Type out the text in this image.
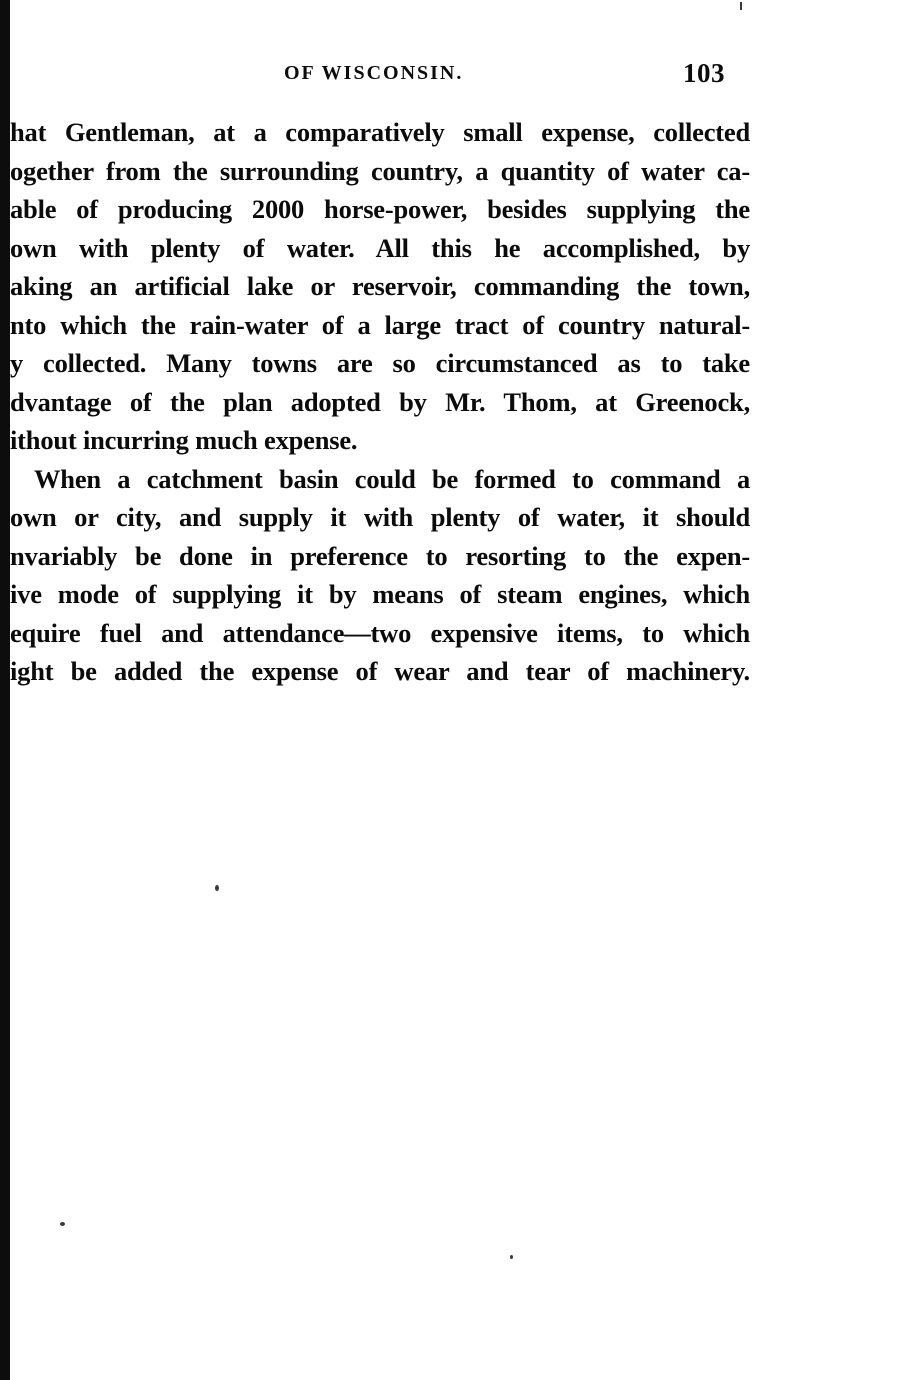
OF WISCONSIN.	103
hat Gentleman, at a comparatively small expense, collected
ogether from the surrounding country, a quantity of water ca-
able of producing 2000 horse-power, besides supplying the
own with plenty of water. All this he accomplished, by
aking an artificial lake or reservoir, commanding the town,
nto which the rain-water of a large tract of country natural-
y collected. Many towns are so circumstanced as to take
dvantage of the plan adopted by Mr. Thom, at Greenock,
ithout incurring much expense.
When a catchment basin could be formed to command a
own or city, and supply it with plenty of water, it should
nvariably be done in preference to resorting to the expen-
ive mode of supplying it by means of steam engines, which
equire fuel and attendance—two expensive items, to which
ight be added the expense of wear and tear of machinery.
